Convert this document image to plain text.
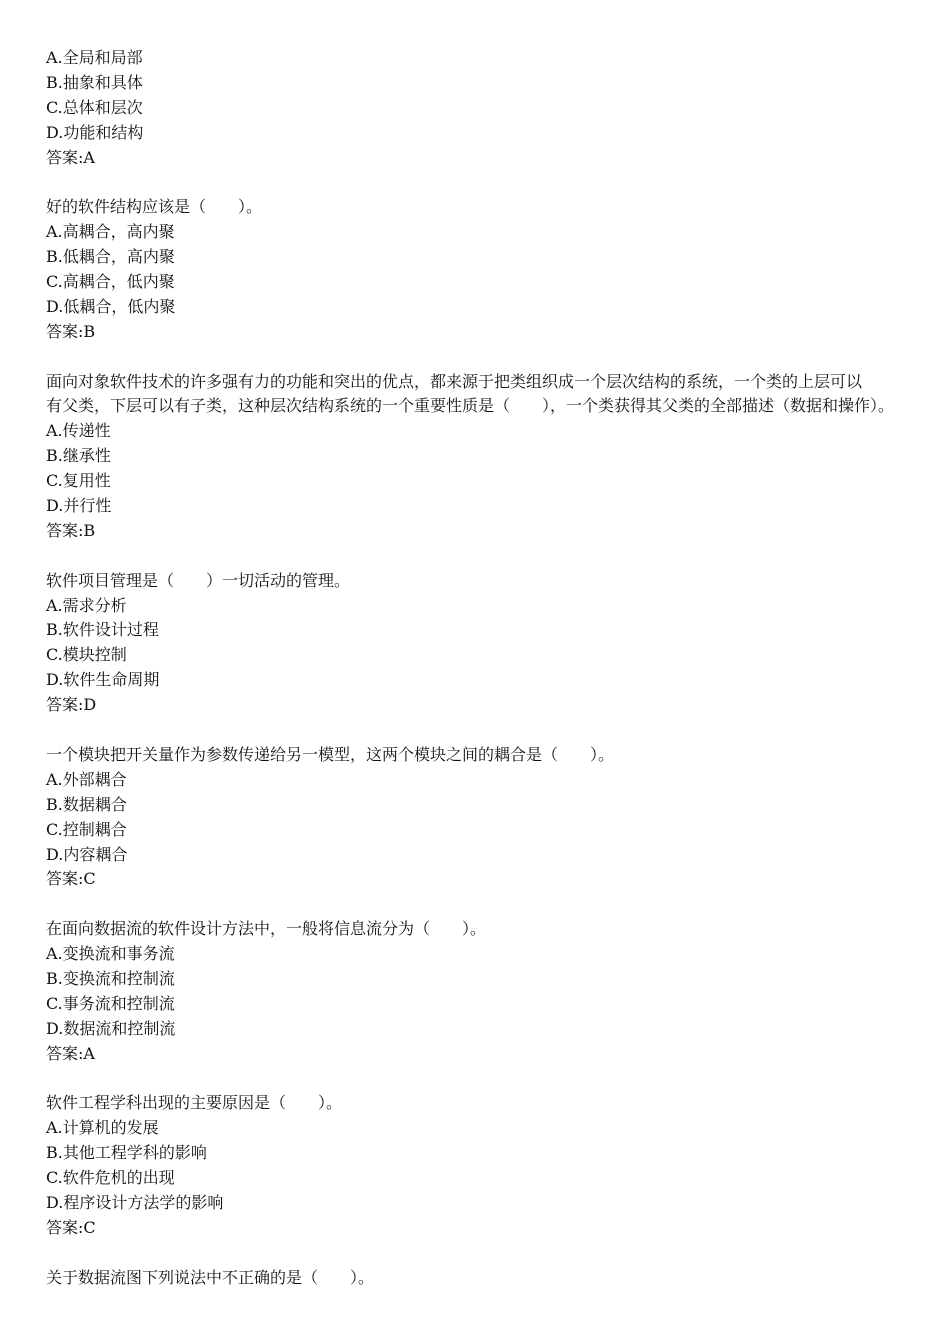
A.全局和局部
B.抽象和具体
C.总体和层次
D.功能和结构
答案:A
好的软件结构应该是（　　）。
A.高耦合，高内聚
B.低耦合，高内聚
C.高耦合，低内聚
D.低耦合，低内聚
答案:B
面向对象软件技术的许多强有力的功能和突出的优点，都来源于把类组织成一个层次结构的系统，一个类的上层可以
有父类，下层可以有子类，这种层次结构系统的一个重要性质是（　　），一个类获得其父类的全部描述（数据和操作）。
A.传递性
B.继承性
C.复用性
D.并行性
答案:B
软件项目管理是（　　）一切活动的管理。
A.需求分析
B.软件设计过程
C.模块控制
D.软件生命周期
答案:D
一个模块把开关量作为参数传递给另一模型，这两个模块之间的耦合是（　　）。
A.外部耦合
B.数据耦合
C.控制耦合
D.内容耦合
答案:C
在面向数据流的软件设计方法中，一般将信息流分为（　　）。
A.变换流和事务流
B.变换流和控制流
C.事务流和控制流
D.数据流和控制流
答案:A
软件工程学科出现的主要原因是（　　）。
A.计算机的发展
B.其他工程学科的影响
C.软件危机的出现
D.程序设计方法学的影响
答案:C
关于数据流图下列说法中不正确的是（　　）。
